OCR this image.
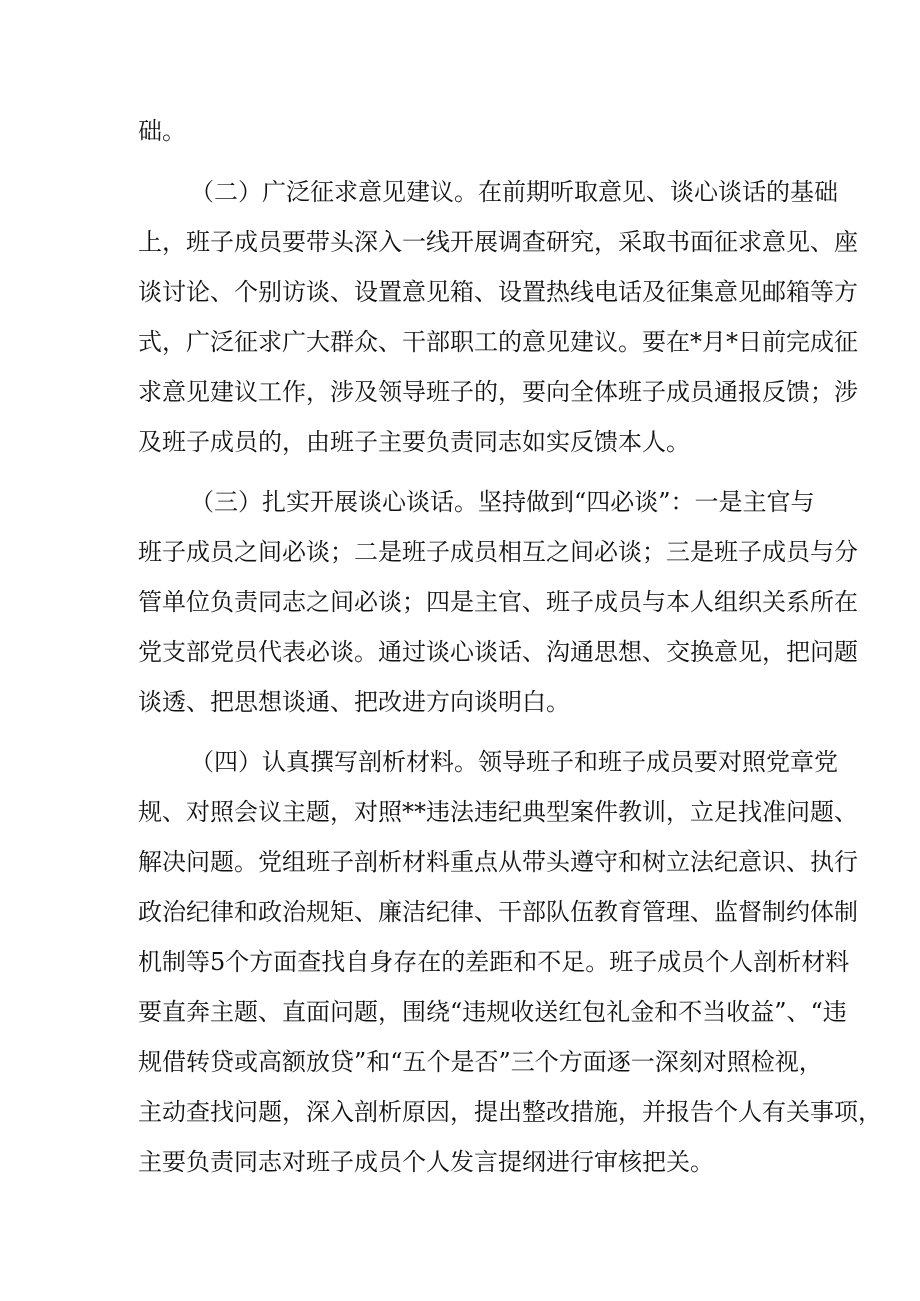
础。

（二）广泛征求意见建议。在前期听取意见、谈心谈话的基础

上，班子成员要带头深入一线开展调查研究，采取书面征求意见、座

谈讨论、个别访谈、设置意见箱、设置热线电话及征集意见邮箱等方

式，广泛征求广大群众、干部职工的意见建议。要在*月*日前完成征

求意见建议工作，涉及领导班子的，要向全体班子成员通报反馈；涉

及班子成员的，由班子主要负责同志如实反馈本人。

（三）扎实开展谈心谈话。坚持做到“四必谈”：一是主官与

班子成员之间必谈；二是班子成员相互之间必谈；三是班子成员与分

管单位负责同志之间必谈；四是主官、班子成员与本人组织关系所在

党支部党员代表必谈。通过谈心谈话、沟通思想、交换意见，把问题

谈透、把思想谈通、把改进方向谈明白。

（四）认真撰写剖析材料。领导班子和班子成员要对照党章党

规、对照会议主题，对照**违法违纪典型案件教训，立足找准问题、

解决问题。党组班子剖析材料重点从带头遵守和树立法纪意识、执行

政治纪律和政治规矩、廉洁纪律、干部队伍教育管理、监督制约体制

机制等5个方面查找自身存在的差距和不足。班子成员个人剖析材料

要直奔主题、直面问题，围绕“违规收送红包礼金和不当收益”、“违

规借转贷或高额放贷”和“五个是否”三个方面逐一深刻对照检视，

主动查找问题，深入剖析原因，提出整改措施，并报告个人有关事项，

主要负责同志对班子成员个人发言提纲进行审核把关。
